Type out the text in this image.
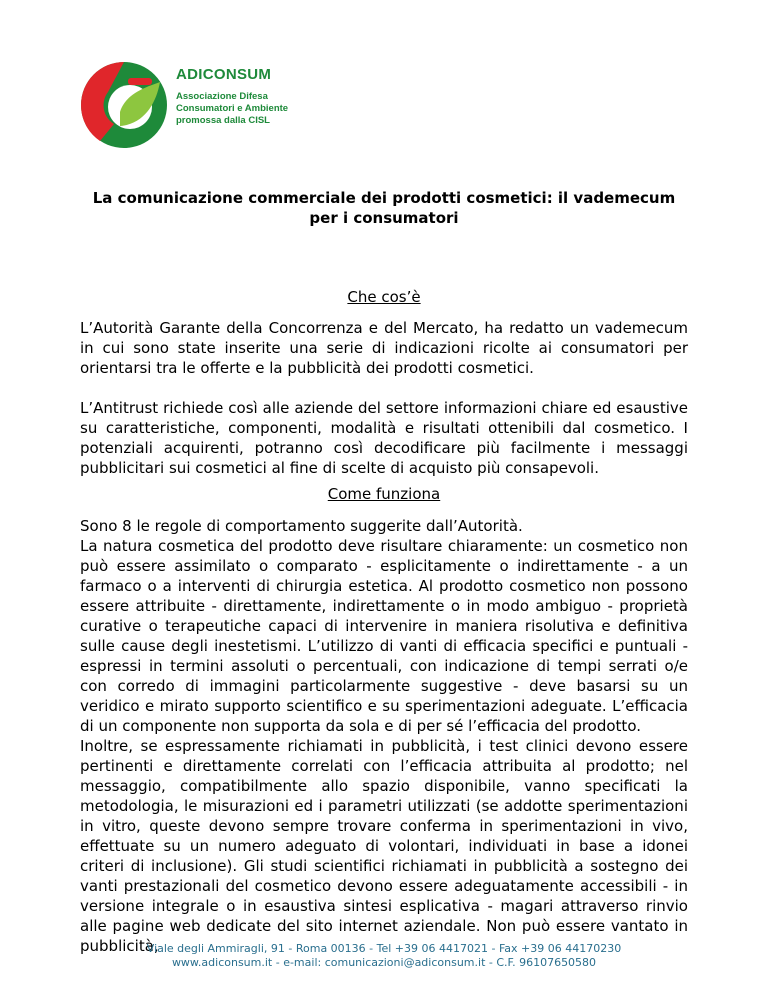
ADICONSUM
Associazione Difesa
Consumatori e Ambiente
promossa dalla CISL
La comunicazione commerciale dei prodotti cosmetici: il vademecum per i consumatori
Che cos’è

L’Autorità Garante della Concorrenza e del Mercato, ha redatto un vademecum in cui sono state inserite una serie di indicazioni ricolte ai consumatori per orientarsi tra le offerte e la pubblicità dei prodotti cosmetici.

L’Antitrust richiede così alle aziende del settore informazioni chiare ed esaustive su caratteristiche, componenti, modalità e risultati ottenibili dal cosmetico. I potenziali acquirenti, potranno così decodificare più facilmente i messaggi pubblicitari sui cosmetici al fine di scelte di acquisto più consapevoli.

Come funziona

Sono 8 le regole di comportamento suggerite dall’Autorità.

La natura cosmetica del prodotto deve risultare chiaramente: un cosmetico non può essere assimilato o comparato - esplicitamente o indirettamente - a un farmaco o a interventi di chirurgia estetica. Al prodotto cosmetico non possono essere attribuite - direttamente, indirettamente o in modo ambiguo - proprietà curative o terapeutiche capaci di intervenire in maniera risolutiva e definitiva sulle cause degli inestetismi. L’utilizzo di vanti di efficacia specifici e puntuali - espressi in termini assoluti o percentuali, con indicazione di tempi serrati o/e con corredo di immagini particolarmente suggestive - deve basarsi su un veridico e mirato supporto scientifico e su sperimentazioni adeguate. L’efficacia di un componente non supporta da sola e di per sé l’efficacia del prodotto.

Inoltre, se espressamente richiamati in pubblicità, i test clinici devono essere pertinenti e direttamente correlati con l’efficacia attribuita al prodotto; nel messaggio, compatibilmente allo spazio disponibile, vanno specificati la metodologia, le misurazioni ed i parametri utilizzati (se addotte sperimentazioni in vitro, queste devono sempre trovare conferma in sperimentazioni in vivo, effettuate su un numero adeguato di volontari, individuati in base a idonei criteri di inclusione). Gli studi scientifici richiamati in pubblicità a sostegno dei vanti prestazionali del cosmetico devono essere adeguatamente accessibili - in versione integrale o in esaustiva sintesi esplicativa - magari attraverso rinvio alle pagine web dedicate del sito internet aziendale. Non può essere vantato in pubblicità,

Viale degli Ammiragli, 91 - Roma 00136 - Tel +39 06 4417021 - Fax +39 06 44170230
www.adiconsum.it - e-mail: comunicazioni@adiconsum.it - C.F. 96107650580
